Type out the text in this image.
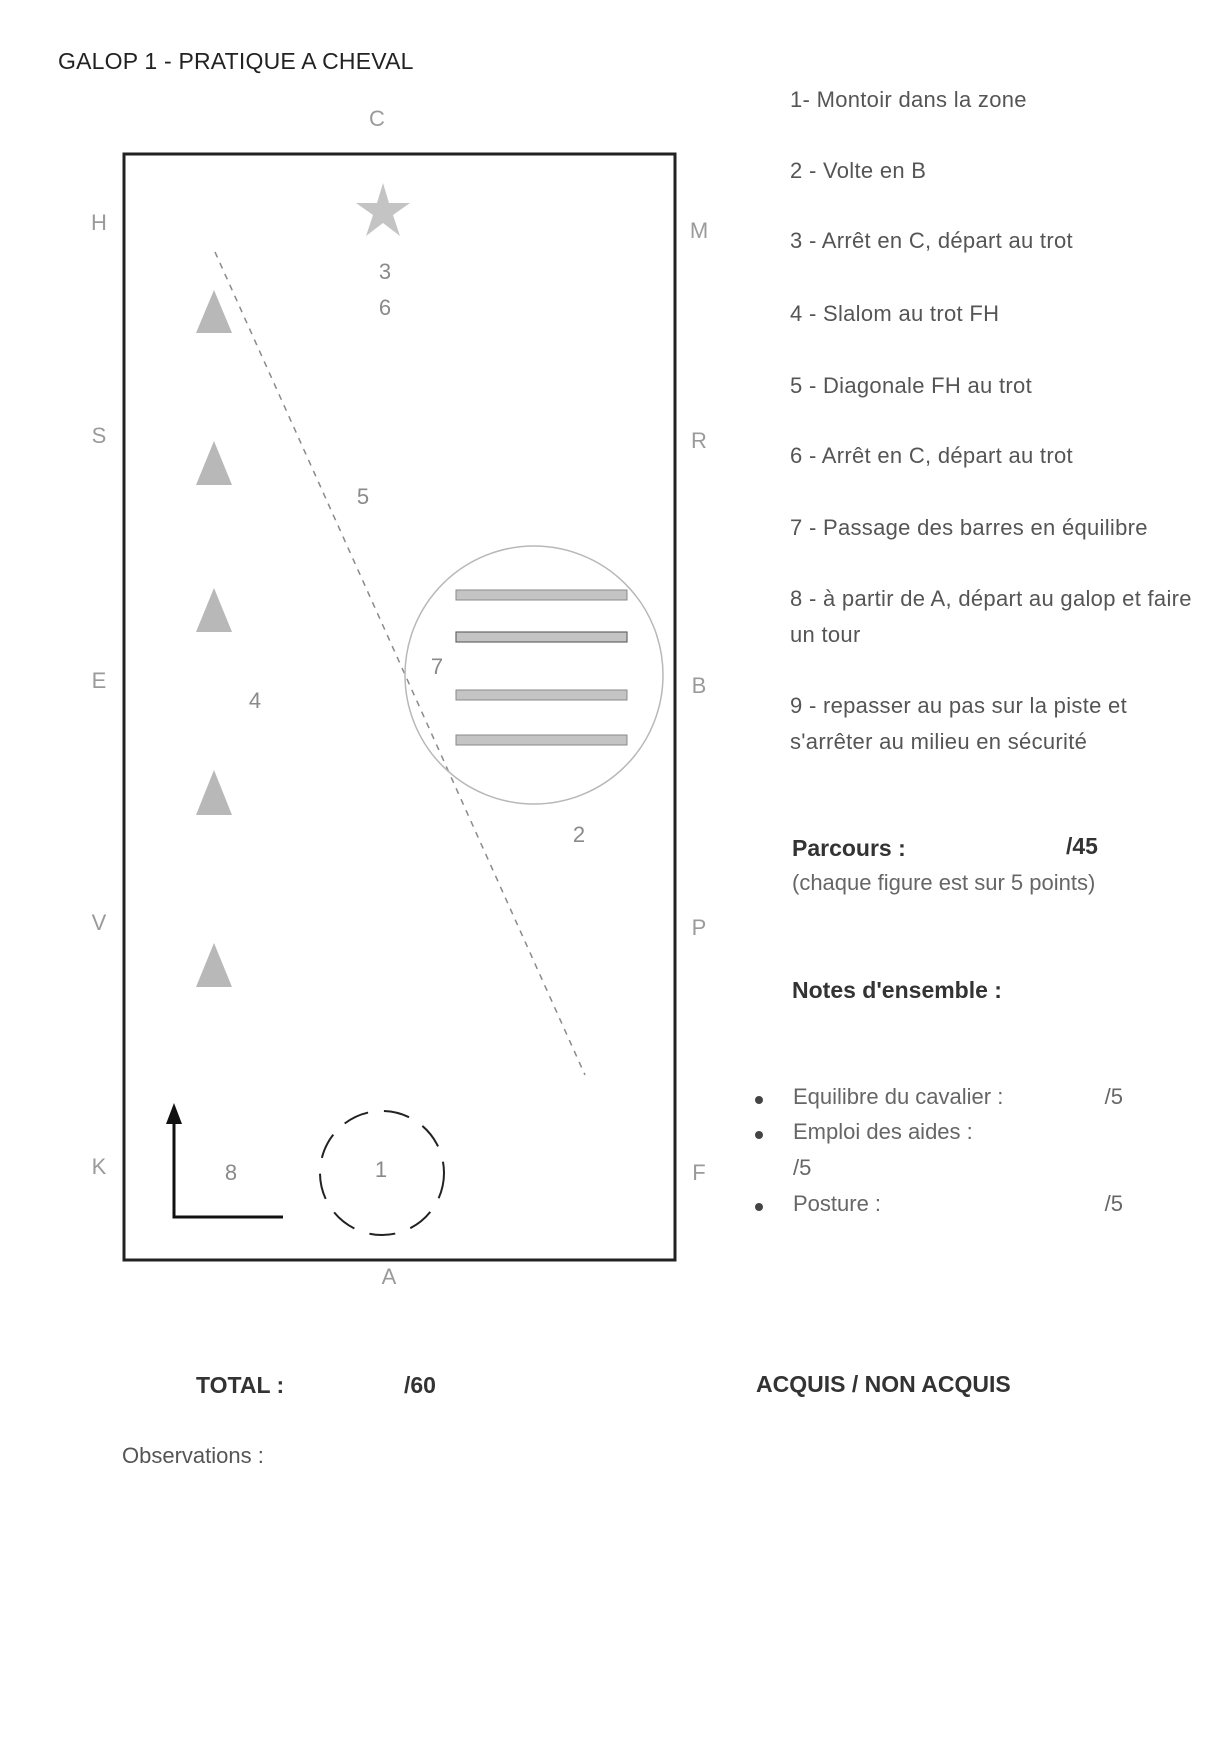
GALOP 1 - PRATIQUE A CHEVAL
C
A
H
S
E
V
K
M
R
B
P
F
3
6
5
7
4
2
1
8
1- Montoir dans la zone
2 - Volte en B
3 - Arrêt en C, départ au trot
4 - Slalom au trot FH
5 - Diagonale FH au trot
6 - Arrêt en C, départ au trot
7 - Passage des barres en équilibre
8 - à partir de A, départ au galop et faire un tour
9 - repasser au pas sur la piste et s'arrêter au milieu en sécurité
Parcours :	/45
(chaque figure est sur 5 points)
Notes d'ensemble :
Equilibre du cavalier :	/5
Emploi des aides :
/5
Posture :	/5
TOTAL :	/60	ACQUIS / NON ACQUIS
Observations :
